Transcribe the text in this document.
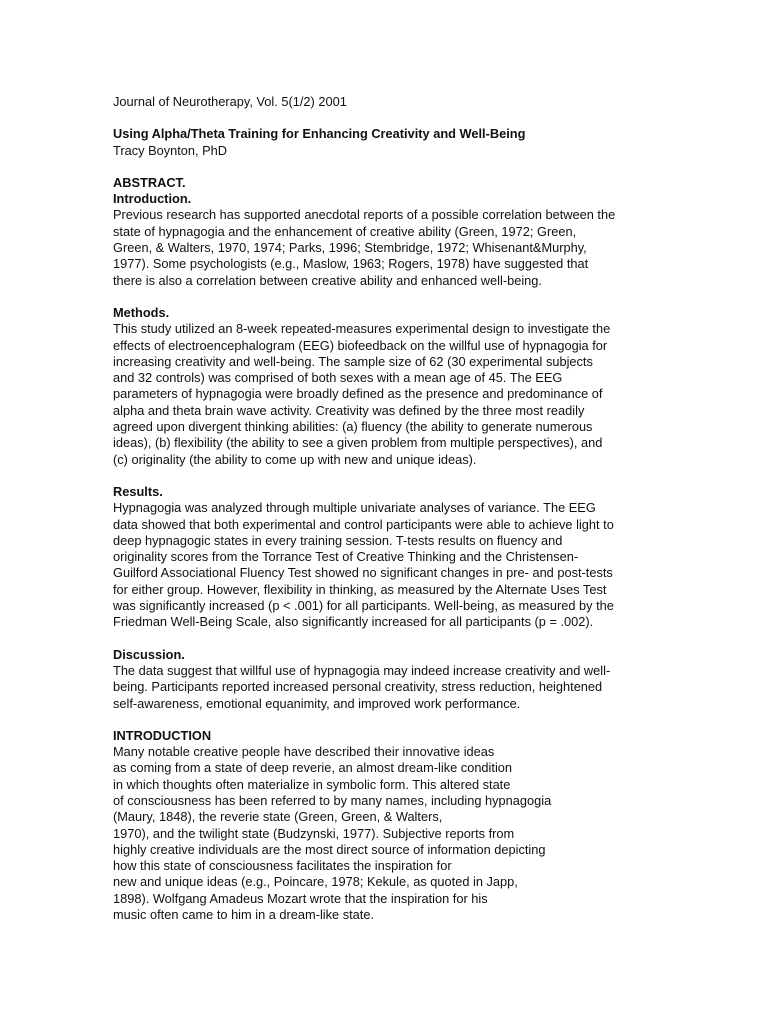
Journal of Neurotherapy, Vol. 5(1/2) 2001
Using Alpha/Theta Training for Enhancing Creativity and Well-Being
Tracy Boynton, PhD
ABSTRACT.
Introduction.
Previous research has supported anecdotal reports of a possible correlation between the
state of hypnagogia and the enhancement of creative ability (Green, 1972; Green,
Green, & Walters, 1970, 1974; Parks, 1996; Stembridge, 1972; Whisenant&Murphy,
1977). Some psychologists (e.g., Maslow, 1963; Rogers, 1978) have suggested that
there is also a correlation between creative ability and enhanced well-being.
Methods.
This study utilized an 8-week repeated-measures experimental design to investigate the
effects of electroencephalogram (EEG) biofeedback on the willful use of hypnagogia for
increasing creativity and well-being. The sample size of 62 (30 experimental subjects
and 32 controls) was comprised of both sexes with a mean age of 45. The EEG
parameters of hypnagogia were broadly defined as the presence and predominance of
alpha and theta brain wave activity. Creativity was defined by the three most readily
agreed upon divergent thinking abilities: (a) fluency (the ability to generate numerous
ideas), (b) flexibility (the ability to see a given problem from multiple perspectives), and
(c) originality (the ability to come up with new and unique ideas).
Results.
Hypnagogia was analyzed through multiple univariate analyses of variance. The EEG
data showed that both experimental and control participants were able to achieve light to
deep hypnagogic states in every training session. T-tests results on fluency and
originality scores from the Torrance Test of Creative Thinking and the Christensen-
Guilford Associational Fluency Test showed no significant changes in pre- and post-tests
for either group. However, flexibility in thinking, as measured by the Alternate Uses Test
was significantly increased (p < .001) for all participants. Well-being, as measured by the
Friedman Well-Being Scale, also significantly increased for all participants (p = .002).
Discussion.
The data suggest that willful use of hypnagogia may indeed increase creativity and well-
being. Participants reported increased personal creativity, stress reduction, heightened
self-awareness, emotional equanimity, and improved work performance.
INTRODUCTION
Many notable creative people have described their innovative ideas
as coming from a state of deep reverie, an almost dream-like condition
in which thoughts often materialize in symbolic form. This altered state
of consciousness has been referred to by many names, including hypnagogia
(Maury, 1848), the reverie state (Green, Green, & Walters,
1970), and the twilight state (Budzynski, 1977). Subjective reports from
highly creative individuals are the most direct source of information depicting
how this state of consciousness facilitates the inspiration for
new and unique ideas (e.g., Poincare, 1978; Kekule, as quoted in Japp,
1898). Wolfgang Amadeus Mozart wrote that the inspiration for his
music often came to him in a dream-like state.
